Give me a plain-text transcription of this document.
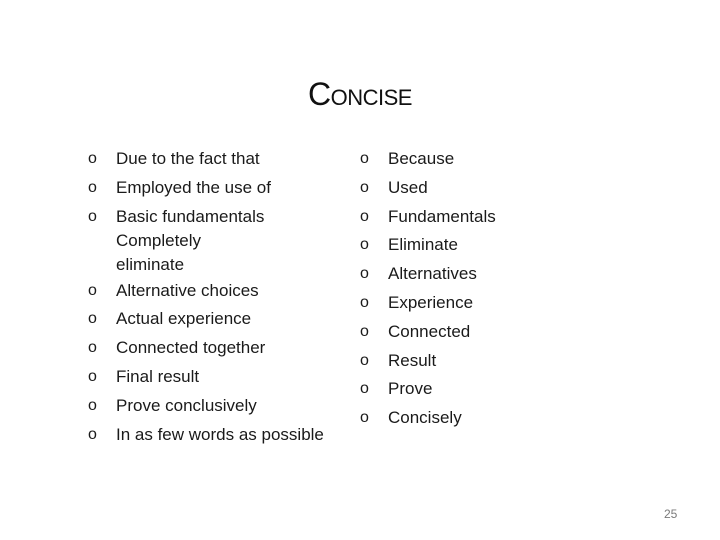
Concise
o Due to the fact that
o Employed the use of
o Basic fundamentals Completely eliminate
o Alternative choices
o Actual experience
o Connected together
o Final result
o Prove conclusively
o In as few words as possible
o Because
o Used
o Fundamentals
o Eliminate
o Alternatives
o Experience
o Connected
o Result
o Prove
o Concisely
25
